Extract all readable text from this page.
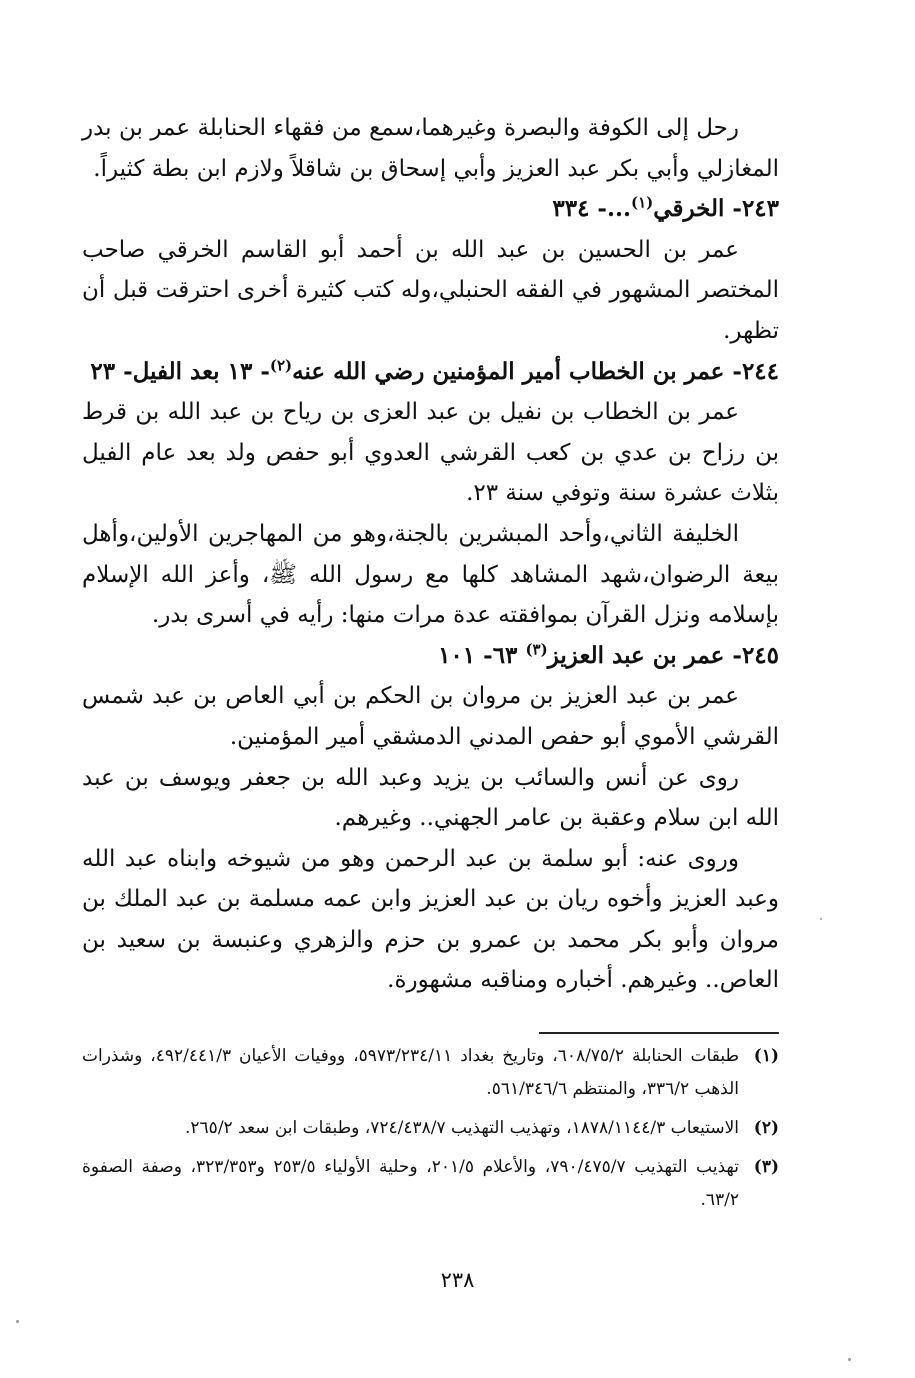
رحل إلى الكوفة والبصرة وغيرهما،سمع من فقهاء الحنابلة عمر بن بدر المغازلي وأبي بكر عبد العزيز وأبي إسحاق بن شاقلاً ولازم ابن بطة كثيراً.

٢٤٣- الخرقي$^{(١)}$...- ٣٣٤

عمر بن الحسين بن عبد الله بن أحمد أبو القاسم الخرقي صاحب المختصر المشهور في الفقه الحنبلي،وله كتب كثيرة أخرى احترقت قبل أن تظهر.

٢٤٤- عمر بن الخطاب أمير المؤمنين رضي الله عنه$^{(٢)}$- ١٣ بعد الفيل- ٢٣

عمر بن الخطاب بن نفيل بن عبد العزى بن رياح بن عبد الله بن قرط بن رزاح بن عدي بن كعب القرشي العدوي أبو حفص ولد بعد عام الفيل بثلاث عشرة سنة وتوفي سنة ٢٣.

الخليفة الثاني،وأحد المبشرين بالجنة،وهو من المهاجرين الأولين،وأهل بيعة الرضوان،شهد المشاهد كلها مع رسول الله ﷺ، وأعز الله الإسلام بإسلامه ونزل القرآن بموافقته عدة مرات منها: رأيه في أسرى بدر.

٢٤٥- عمر بن عبد العزيز$^{(٣)}$ ٦٣- ١٠١

عمر بن عبد العزيز بن مروان بن الحكم بن أبي العاص بن عبد شمس القرشي الأموي أبو حفص المدني الدمشقي أمير المؤمنين.

روى عن أنس والسائب بن يزيد وعبد الله بن جعفر ويوسف بن عبد الله ابن سلام وعقبة بن عامر الجهني.. وغيرهم.

وروى عنه: أبو سلمة بن عبد الرحمن وهو من شيوخه وابناه عبد الله وعبد العزيز وأخوه ريان بن عبد العزيز وابن عمه مسلمة بن عبد الملك بن مروان وأبو بكر محمد بن عمرو بن حزم والزهري وعنبسة بن سعيد بن العاص.. وغيرهم. أخباره ومناقبه مشهورة.

(١)
طبقات الحنابلة ٦٠٨/٧٥/٢، وتاريخ بغداد ٥٩٧٣/٢٣٤/١١، ووفيات الأعيان ٤٩٢/٤٤١/٣، وشذرات الذهب ٣٣٦/٢، والمنتظم ٥٦١/٣٤٦/٦.
(٢)
الاستيعاب ١٨٧٨/١١٤٤/٣، وتهذيب التهذيب ٧٢٤/٤٣٨/٧، وطبقات ابن سعد ٢٦٥/٢.
(٣)
تهذيب التهذيب ٧٩٠/٤٧٥/٧، والأعلام ٢٠١/٥، وحلية الأولياء ٢٥٣/٥ و٣٢٣/٣٥٣، وصفة الصفوة ٦٣/٢.
٢٣٨
